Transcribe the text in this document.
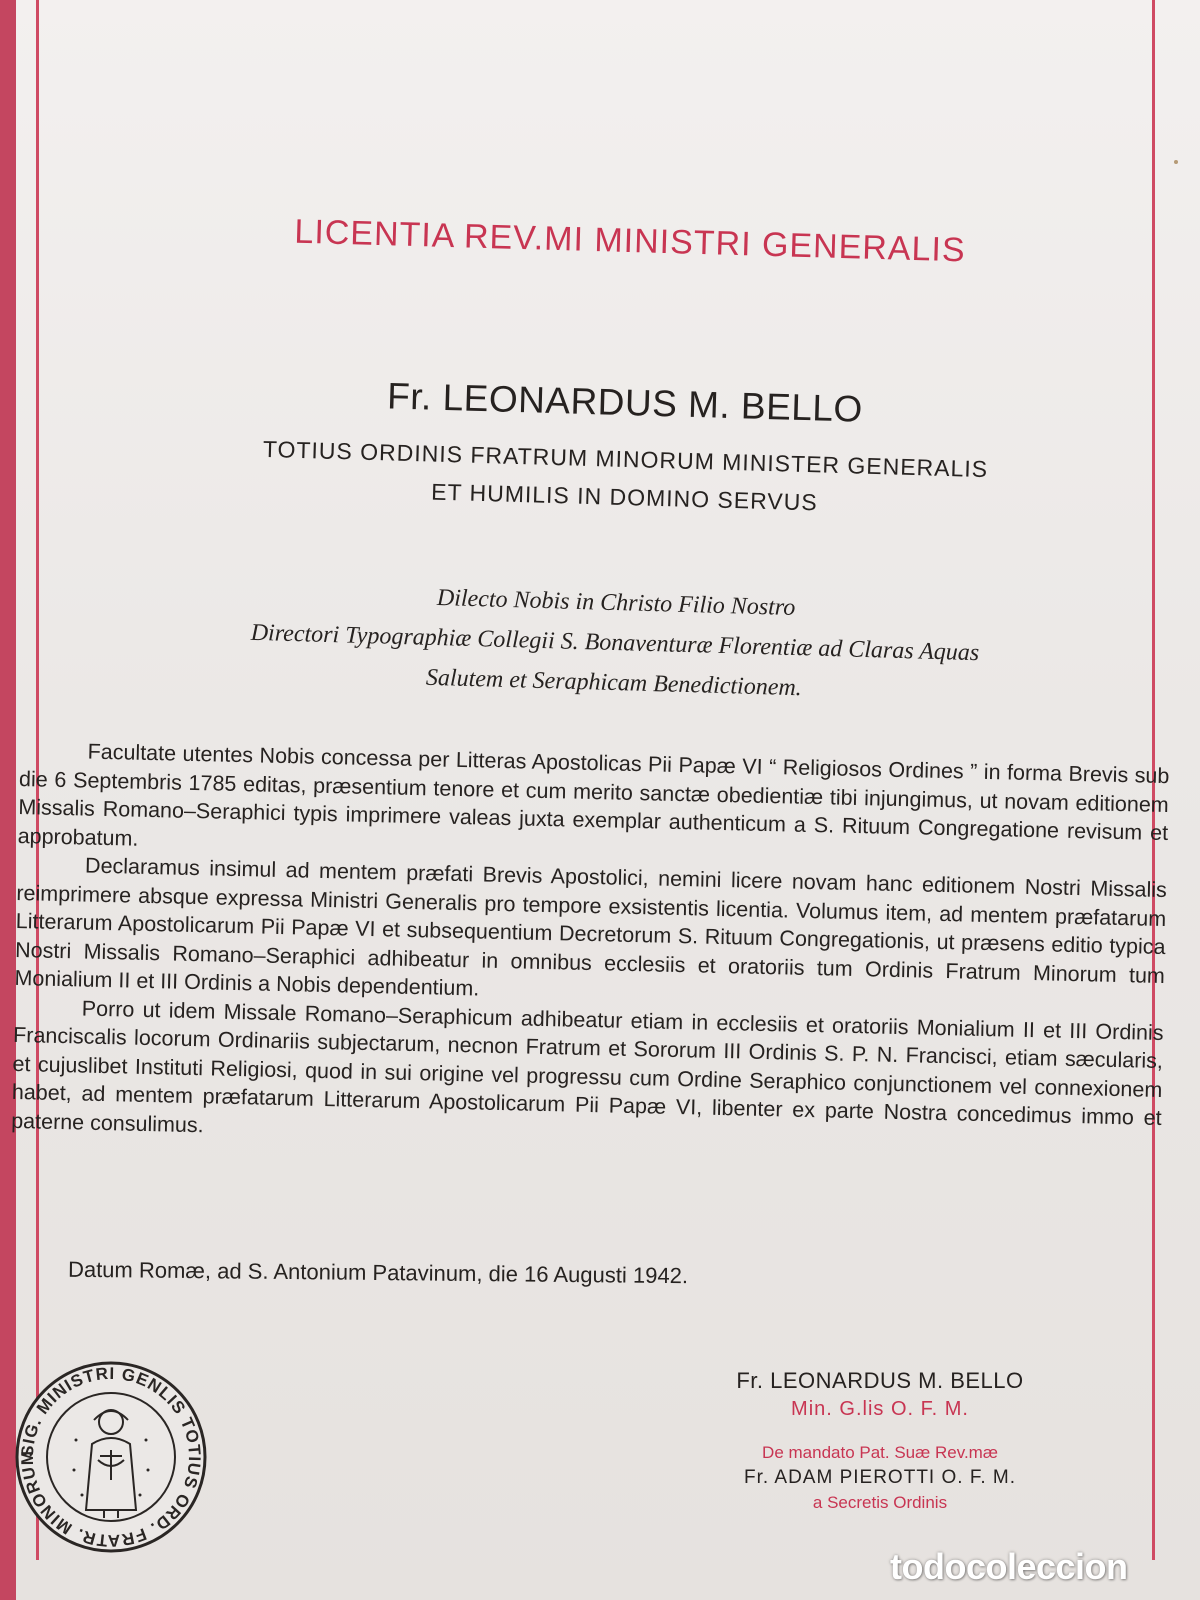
LICENTIA REV.MI MINISTRI GENERALIS
Fr. LEONARDUS M. BELLO
TOTIUS ORDINIS FRATRUM MINORUM MINISTER GENERALIS
ET HUMILIS IN DOMINO SERVUS
Dilecto Nobis in Christo Filio Nostro
Directori Typographiæ Collegii S. Bonaventuræ Florentiæ ad Claras Aquas
Salutem et Seraphicam Benedictionem.

Facultate utentes Nobis concessa per Litteras Apostolicas Pii Papæ VI “ Religiosos Ordines ” in forma Brevis sub die 6 Septembris 1785 editas, præsentium tenore et cum merito sanctæ obedientiæ tibi injungimus, ut novam editionem Missalis Romano–Seraphici typis imprimere valeas juxta exemplar authenticum a S. Rituum Congregatione revisum et approbatum.

Declaramus insimul ad mentem præfati Brevis Apostolici, nemini licere novam hanc editionem Nostri Missalis reimprimere absque expressa Ministri Generalis pro tempore exsistentis licentia. Volumus item, ad mentem præfatarum Litterarum Apostolicarum Pii Papæ VI et subsequentium Decretorum S. Rituum Congregationis, ut præsens editio typica Nostri Missalis Romano–Seraphici adhibeatur in omnibus ecclesiis et oratoriis tum Ordinis Fratrum Minorum tum Monialium II et III Ordinis a Nobis dependentium.

Porro ut idem Missale Romano–Seraphicum adhibeatur etiam in ecclesiis et oratoriis Monialium II et III Ordinis Franciscalis locorum Ordinariis subjectarum, necnon Fratrum et Sororum III Ordinis S. P. N. Francisci, etiam sæcularis, et cujuslibet Instituti Religiosi, quod in sui origine vel progressu cum Ordine Seraphico conjunctionem vel connexionem habet, ad mentem præfatarum Litterarum Apostolicarum Pii Papæ VI, libenter ex parte Nostra concedimus immo et paterne consulimus.

Datum Romæ, ad S. Antonium Patavinum, die 16 Augusti 1942.
SIG. MINISTRI GENLIS TOTIUS ORD. FRATR. MINORUM
Fr. LEONARDUS M. BELLO
Min. G.lis O. F. M.
De mandato Pat. Suæ Rev.mæ
Fr. ADAM PIEROTTI O. F. M.
a Secretis Ordinis
todocoleccion
